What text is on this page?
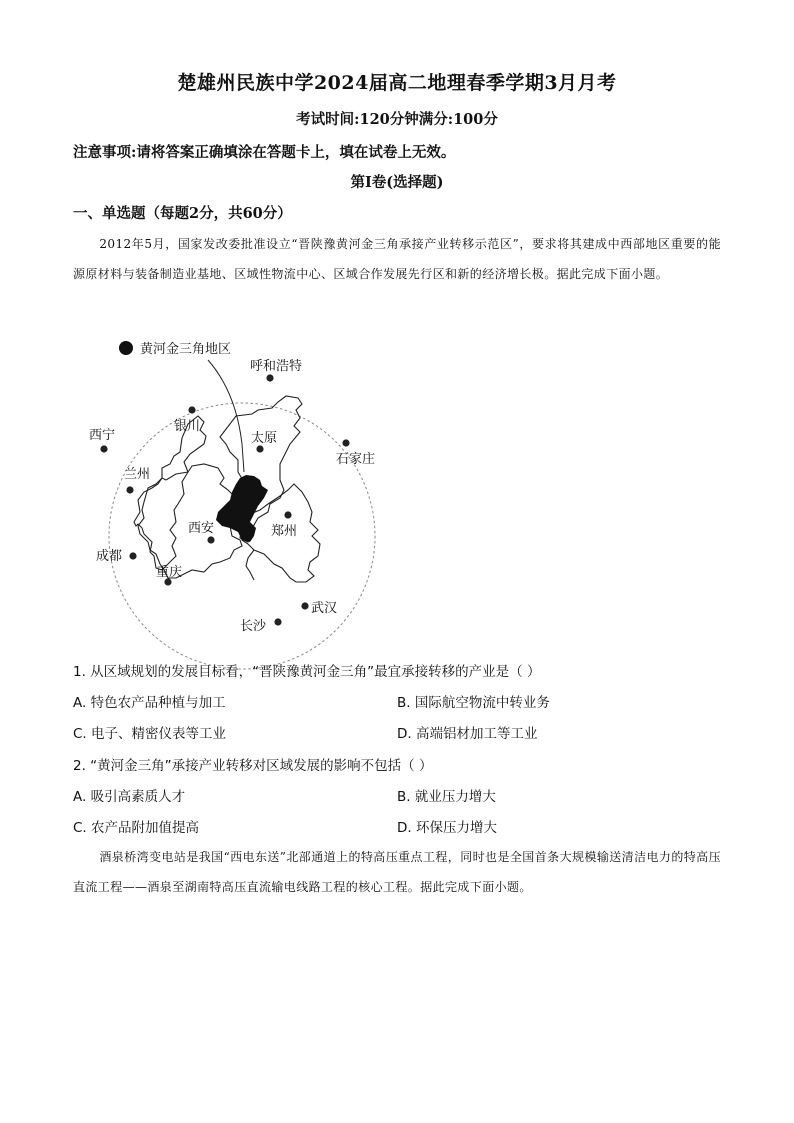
楚雄州民族中学2024届高二地理春季学期3月月考
考试时间:120分钟满分:100分
注意事项:请将答案正确填涂在答题卡上，填在试卷上无效。
第I卷(选择题)
一、单选题（每题2分，共60分）
2012年5月，国家发改委批准设立“晋陕豫黄河金三角承接产业转移示范区”，要求将其建成中西部地区重要的能源原材料与装备制造业基地、区域性物流中心、区域合作发展先行区和新的经济增长极。据此完成下面小题。
黄河金三角地区
呼和浩特
银川
西宁	太原
石家庄
兰州
西安	郑州
成都
重庆
武汉
长沙
1. 从区域规划的发展目标看，“晋陕豫黄河金三角”最宜承接转移的产业是（ ）
A. 特色农产品种植与加工	B. 国际航空物流中转业务
C. 电子、精密仪表等工业	D. 高端铝材加工等工业
2. “黄河金三角”承接产业转移对区域发展的影响不包括（ ）
A. 吸引高素质人才	B. 就业压力增大
C. 农产品附加值提高	D. 环保压力增大
酒泉桥湾变电站是我国“西电东送”北部通道上的特高压重点工程，同时也是全国首条大规模输送清洁电力的特高压直流工程——酒泉至湖南特高压直流输电线路工程的核心工程。据此完成下面小题。
